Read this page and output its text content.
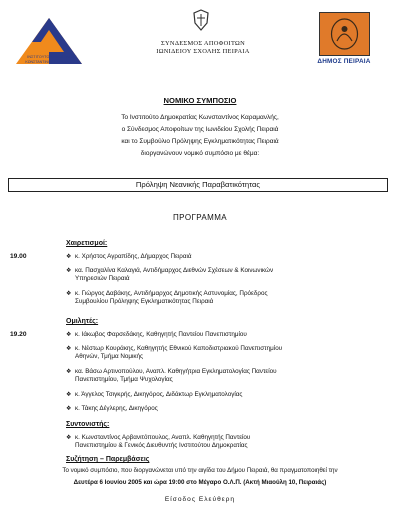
ΙΝΣΤΙΤΟΥΤΟ ΔΗΜΟΚΡΑΤΙΑΣ
ΚΩΝΣΤΑΝΤΙΝΟΣ ΚΑΡΑΜΑΝΛΗΣ
ΣΥΝΔΕΣΜΟΣ ΑΠΟΦΟΙΤΩΝ
ΙΩΝΙΔΕΙΟΥ ΣΧΟΛΗΣ ΠΕΙΡΑΙΑ
ΔΗΜΟΣ ΠΕΙΡΑΙΑ
ΝΟΜΙΚΟ ΣΥΜΠΟΣΙΟ
Το Ινστιτούτο Δημοκρατίας Κωνσταντίνος Καραμανλής,
ο Σύνδεσμος Αποφοίτων της Ιωνιδείου Σχολής Πειραιά
και το Συμβούλιο Πρόληψης Εγκληματικότητας Πειραιά
διοργανώνουν νομικό συμπόσιο με θέμα:
Πρόληψη Νεανικής Παραβατικότητας
ΠΡΟΓΡΑΜΜΑ
Χαιρετισμοί:
19.00	❖ κ. Χρήστος Αγραπίδης, Δήμαρχος Πειραιά
❖ κα. Πασχαλίνα Καλαγιά, Αντιδήμαρχος Διεθνών Σχέσεων & Κοινωνικών
Υπηρεσιών Πειραιά
❖ κ. Γιώργος Δαβάκης, Αντιδήμαρχος Δημοτικής Αστυνομίας, Πρόεδρος
Συμβουλίου Πρόληψης Εγκληματικότητας Πειραιά
Ομιλητές:
19.20	❖ κ. Ιάκωβος Φαρσεδάκης, Καθηγητής Παντείου Πανεπιστημίου
❖ κ. Νέστωρ Κουράκης, Καθηγητής Εθνικού Καποδιστριακού Πανεπιστημίου
Αθηνών, Τμήμα Νομικής
❖ κα. Βάσω Αρτινοπούλου, Αναπλ. Καθηγήτρια Εγκληματολογίας Παντείου
Πανεπιστημίου, Τμήμα Ψυχολογίας
❖ κ. Άγγελος Τσιγκρής, Δικηγόρος, Διδάκτωρ Εγκληματολογίας
❖ κ. Τάκης Δέγλερης, Δικηγόρος
Συντονιστής:
❖ κ. Κωνσταντίνος Αρβανιτόπουλος, Αναπλ. Καθηγητής Παντείου
Πανεπιστημίου & Γενικός Διευθυντής Ινστιτούτου Δημοκρατίας
Συζήτηση – Παρεμβάσεις
Το νομικό συμπόσιο, που διοργανώνεται υπό την αιγίδα του Δήμου Πειραιά, θα πραγματοποιηθεί την
Δευτέρα 6 Ιουνίου 2005 και ώρα 19:00 στο Μέγαρο Ο.Λ.Π. (Ακτή Μιαούλη 10, Πειραιάς)
Είσοδος Ελεύθερη
